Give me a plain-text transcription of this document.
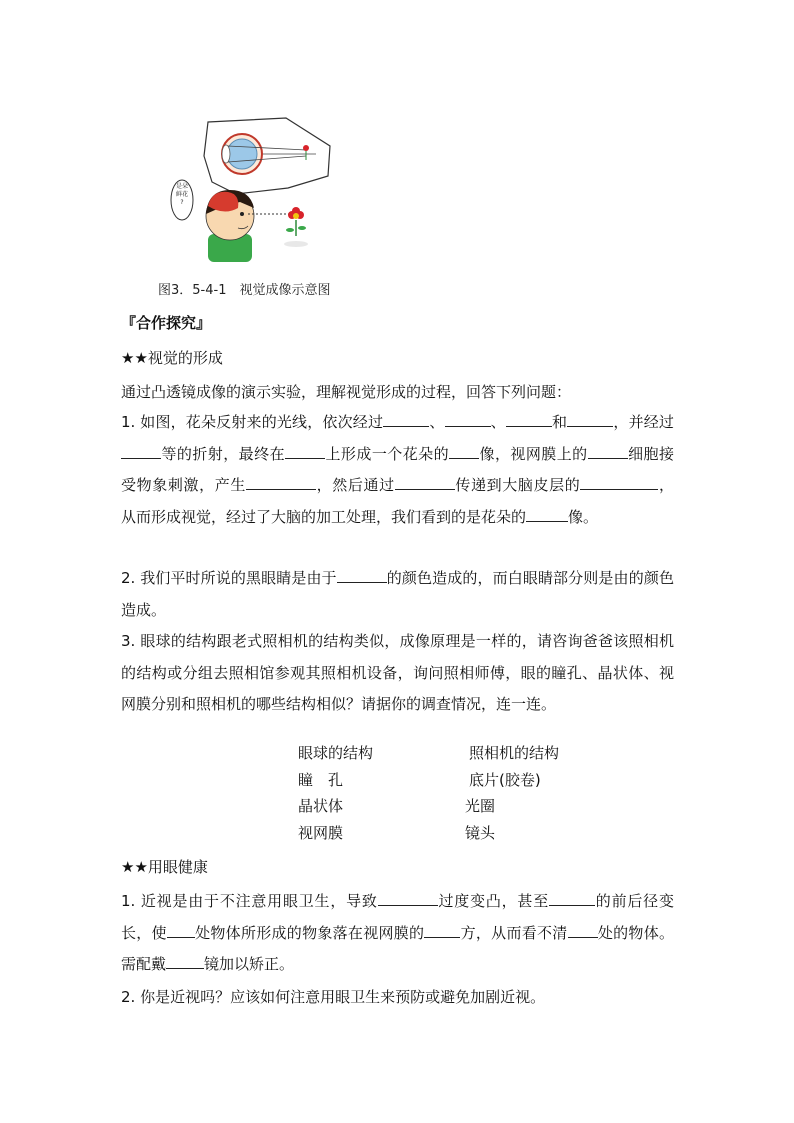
是朵鲜花?
图3．5-4-1　视觉成像示意图
『合作探究』
★★视觉的形成
通过凸透镜成像的演示实验，理解视觉形成的过程，回答下列问题：
1. 如图，花朵反射来的光线，依次经过	、	、	和	，并经过等的折射，最终在	上形成一个花朵的 像，视网膜上的	细胞接受物象刺激，产生	，然后通过	传递到大脑皮层的	，从而形成视觉，经过了大脑的加工处理，我们看到的是花朵的	像。
2. 我们平时所说的黑眼睛是由于	的颜色造成的，而白眼睛部分则是由的颜色造成。
3. 眼球的结构跟老式照相机的结构类似，成像原理是一样的，请咨询爸爸该照相机的结构或分组去照相馆参观其照相机设备，询问照相师傅，眼的瞳孔、晶状体、视网膜分别和照相机的哪些结构相似？请据你的调查情况，连一连。
眼球的结构	照相机的结构
瞳　孔	底片(胶卷)
晶状体	光圈
视网膜	镜头
★★用眼健康
1. 近视是由于不注意用眼卫生，导致	过度变凸，甚至	的前后径变长，使 处物体所形成的物象落在视网膜的 方，从而看不清 处的物体。需配戴	镜加以矫正。
2. 你是近视吗？应该如何注意用眼卫生来预防或避免加剧近视。
